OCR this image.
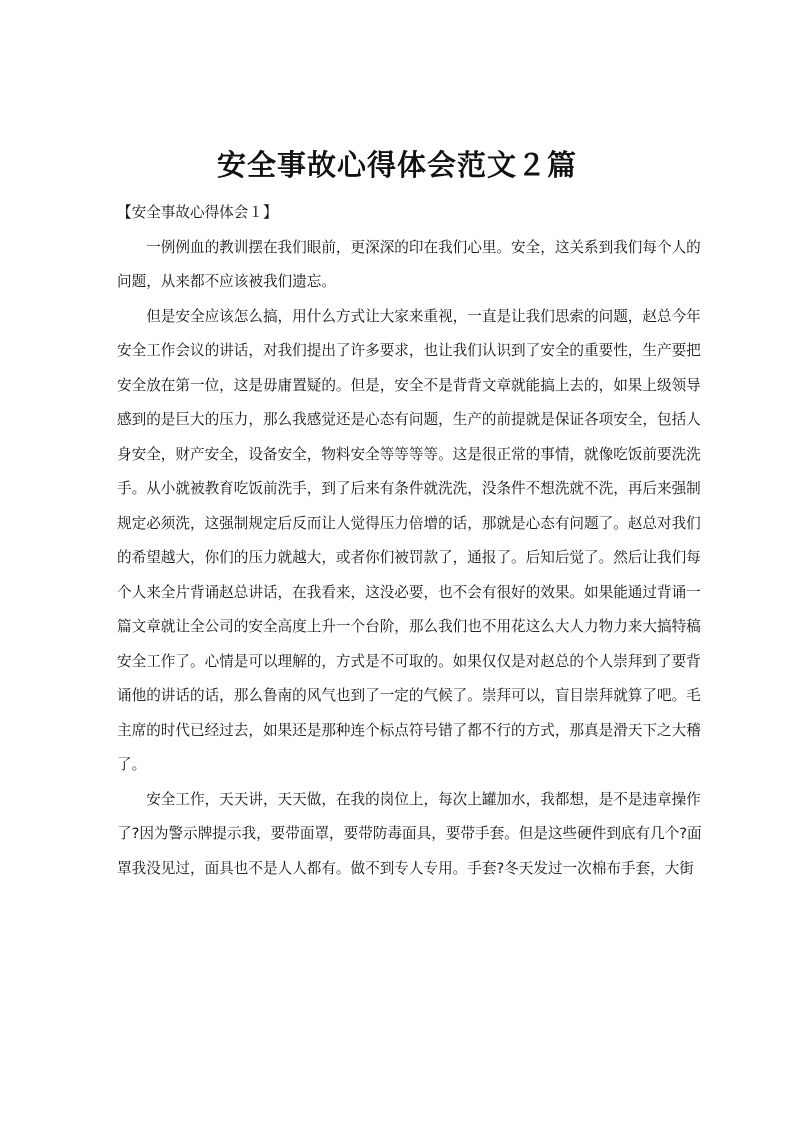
安全事故心得体会范文２篇

【安全事故心得体会１】

一例例血的教训摆在我们眼前，更深深的印在我们心里。安全，这关系到我们每个人的
问题，从来都不应该被我们遗忘。
但是安全应该怎么搞，用什么方式让大家来重视，一直是让我们思索的问题，赵总今年
安全工作会议的讲话，对我们提出了许多要求，也让我们认识到了安全的重要性，生产要把
安全放在第一位，这是毋庸置疑的。但是，安全不是背背文章就能搞上去的，如果上级领导
感到的是巨大的压力，那么我感觉还是心态有问题，生产的前提就是保证各项安全，包括人
身安全，财产安全，设备安全，物料安全等等等等。这是很正常的事情，就像吃饭前要洗洗
手。从小就被教育吃饭前洗手，到了后来有条件就洗洗，没条件不想洗就不洗，再后来强制
规定必须洗，这强制规定后反而让人觉得压力倍增的话，那就是心态有问题了。赵总对我们
的希望越大，你们的压力就越大，或者你们被罚款了，通报了。后知后觉了。然后让我们每
个人来全片背诵赵总讲话，在我看来，这没必要，也不会有很好的效果。如果能通过背诵一
篇文章就让全公司的安全高度上升一个台阶，那么我们也不用花这么大人力物力来大搞特稿
安全工作了。心情是可以理解的，方式是不可取的。如果仅仅是对赵总的个人崇拜到了要背
诵他的讲话的话，那么鲁南的风气也到了一定的气候了。崇拜可以，盲目崇拜就算了吧。毛
主席的时代已经过去，如果还是那种连个标点符号错了都不行的方式，那真是滑天下之大稽
了。
安全工作，天天讲，天天做，在我的岗位上，每次上罐加水，我都想，是不是违章操作
了?因为警示牌提示我，要带面罩，要带防毒面具，要带手套。但是这些硬件到底有几个?面
罩我没见过，面具也不是人人都有。做不到专人专用。手套?冬天发过一次棉布手套，大街
